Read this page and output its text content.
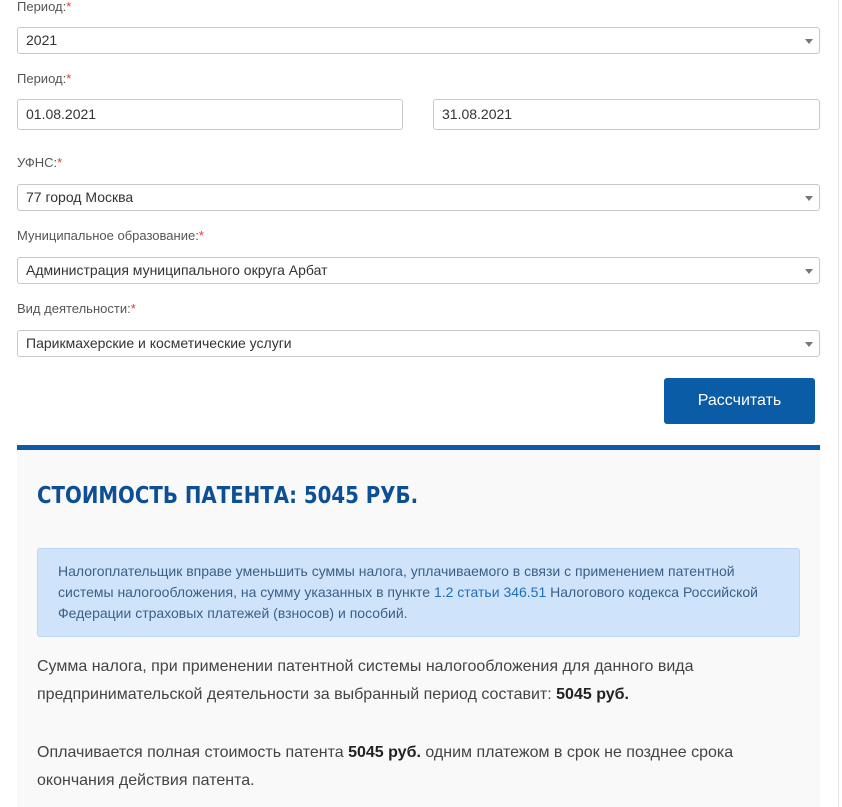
Период:*
2021
Период:*
01.08.2021	31.08.2021
УФНС:*
77 город Москва
Муниципальное образование:*
Администрация муниципального округа Арбат
Вид деятельности:*
Парикмахерские и косметические услуги
Рассчитать
СТОИМОСТЬ ПАТЕНТА: 5045 РУБ.
Налогоплательщик вправе уменьшить суммы налога, уплачиваемого в связи с применением патентной системы налогообложения, на сумму указанных в пункте 1.2 статьи 346.51 Налогового кодекса Российской Федерации страховых платежей (взносов) и пособий.
Сумма налога, при применении патентной системы налогообложения для данного вида предпринимательской деятельности за выбранный период составит: 5045 руб.
Оплачивается полная стоимость патента 5045 руб. одним платежом в срок не позднее срока окончания действия патента.
